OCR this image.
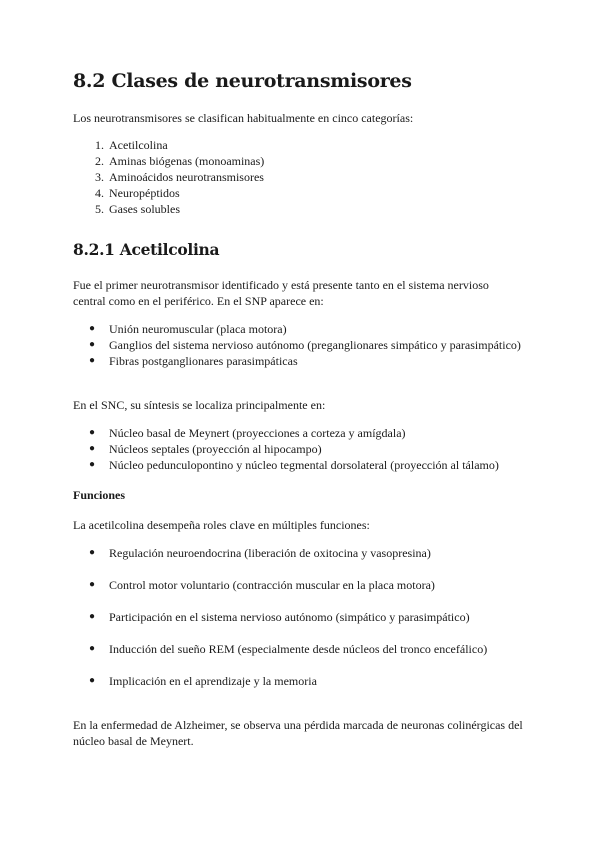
8.2 Clases de neurotransmisores

Los neurotransmisores se clasifican habitualmente en cinco categorías:

1. Acetilcolina
2. Aminas biógenas (monoaminas)
3. Aminoácidos neurotransmisores
4. Neuropéptidos
5. Gases solubles
8.2.1 Acetilcolina

Fue el primer neurotransmisor identificado y está presente tanto en el sistema nervioso

central como en el periférico. En el SNP aparece en:

● Unión neuromuscular (placa motora)
● Ganglios del sistema nervioso autónomo (preganglionares simpático y parasimpático)
● Fibras postganglionares parasimpáticas

En el SNC, su síntesis se localiza principalmente en:

● Núcleo basal de Meynert (proyecciones a corteza y amígdala)
● Núcleos septales (proyección al hipocampo)
● Núcleo pedunculopontino y núcleo tegmental dorsolateral (proyección al tálamo)

Funciones

La acetilcolina desempeña roles clave en múltiples funciones:

● Regulación neuroendocrina (liberación de oxitocina y vasopresina)
● Control motor voluntario (contracción muscular en la placa motora)
● Participación en el sistema nervioso autónomo (simpático y parasimpático)
● Inducción del sueño REM (especialmente desde núcleos del tronco encefálico)
● Implicación en el aprendizaje y la memoria

En la enfermedad de Alzheimer, se observa una pérdida marcada de neuronas colinérgicas del

núcleo basal de Meynert.
